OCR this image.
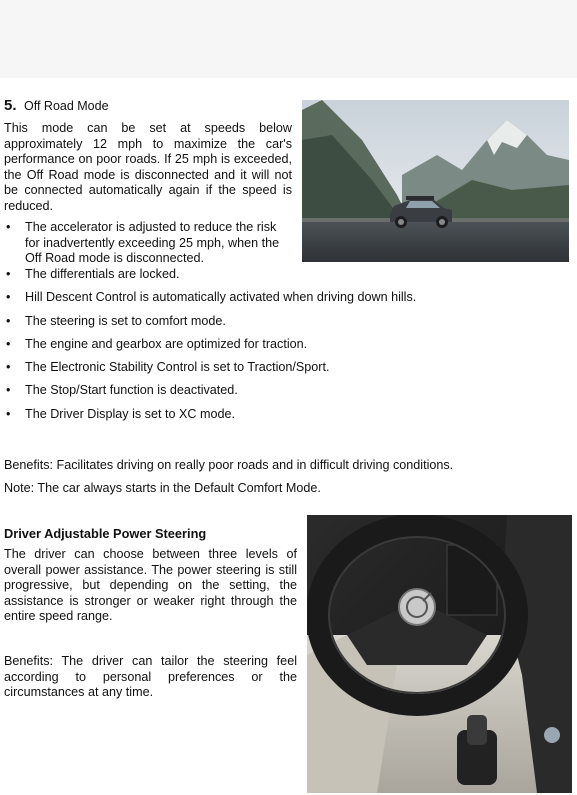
5. Off Road Mode
This mode can be set at speeds below approximately 12 mph to maximize the car's performance on poor roads. If 25 mph is exceeded, the Off Road mode is disconnected and it will not be connected automatically again if the speed is reduced.
• The accelerator is adjusted to reduce the risk for inadvertently exceeding 25 mph, when the Off Road mode is disconnected.
• The differentials are locked.
• Hill Descent Control is automatically activated when driving down hills.
• The steering is set to comfort mode.
• The engine and gearbox are optimized for traction.
• The Electronic Stability Control is set to Traction/Sport.
• The Stop/Start function is deactivated.
• The Driver Display is set to XC mode.
Benefits: Facilitates driving on really poor roads and in difficult driving conditions.
Note: The car always starts in the Default Comfort Mode.
Driver Adjustable Power Steering
The driver can choose between three levels of overall power assistance. The power steering is still progressive, but depending on the setting, the assistance is stronger or weaker right through the entire speed range.
Benefits: The driver can tailor the steering feel according to personal preferences or the circumstances at any time.
